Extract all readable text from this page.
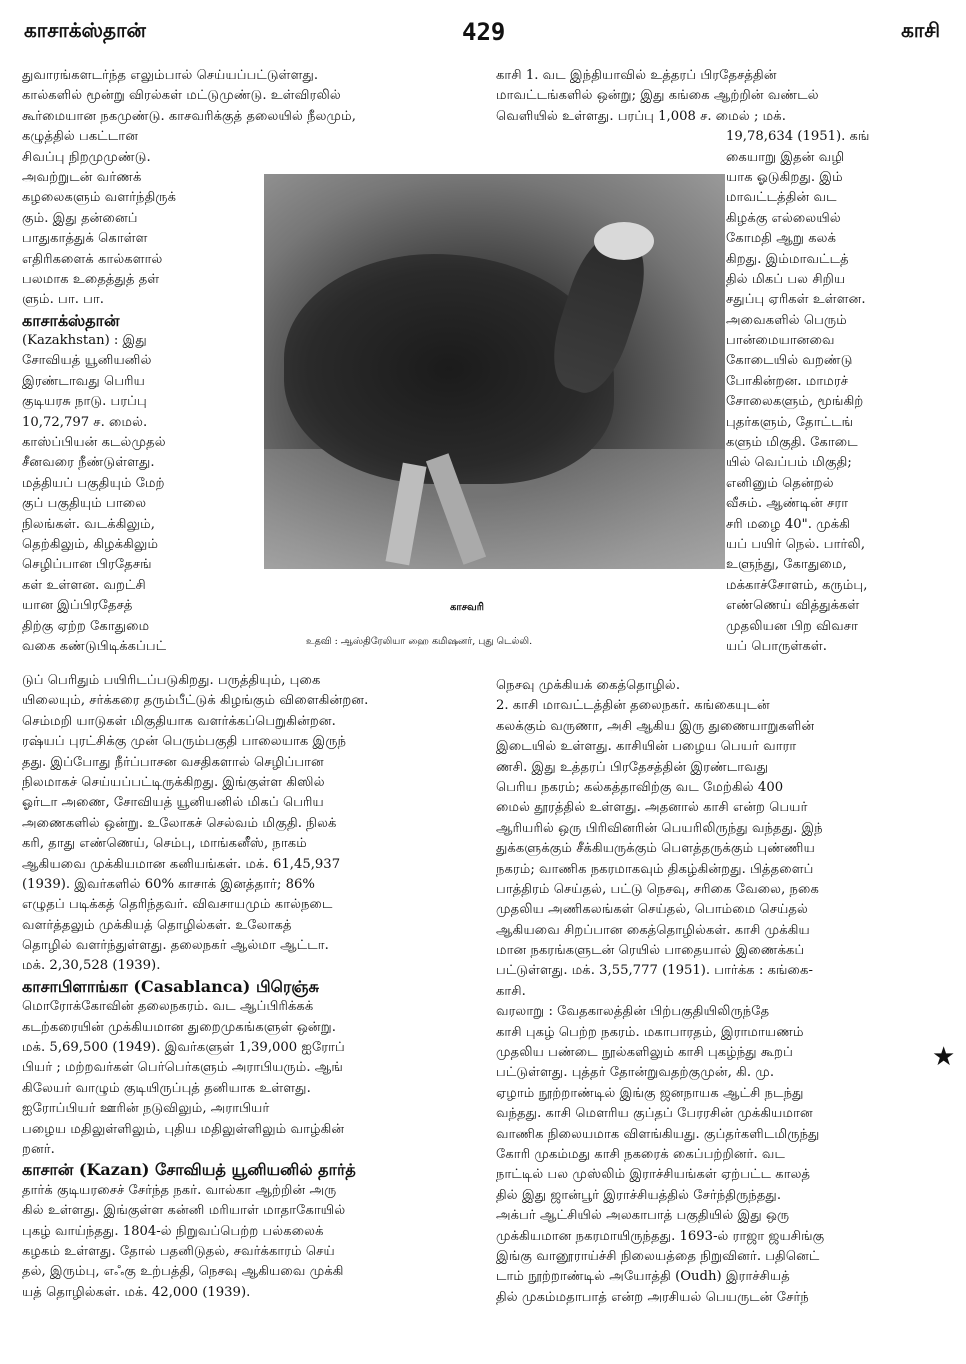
காசாக்ஸ்தான்	429	காசி

துவாரங்களடர்ந்த எலும்பால் செய்யப்பட்டுள்ளது.

கால்களில் மூன்று விரல்கள் மட்டுமுண்டு. உள்விரலில்

கூர்மையான நகமுண்டு. காசவரிக்குத் தலையில் நீலமும்,

கழுத்தில் பகட்டான

சிவப்பு நிறமுமுண்டு.

அவற்றுடன் வர்ணக்

கழலைகளும் வளர்ந்திருக்

கும். இது தன்னைப்

பாதுகாத்துக் கொள்ள

எதிரிகளைக் கால்களால்

பலமாக உதைத்துத் தள்

ளும். பா. பா.

காசாக்ஸ்தான்

(Kazakhstan) : இது

சோவியத் யூனியனில்

இரண்டாவது பெரிய

குடியரசு நாடு. பரப்பு

10,72,797 ச. மைல்.

காஸ்ப்பியன் கடல்முதல்

சீனவரை நீண்டுள்ளது.

மத்தியப் பகுதியும் மேற்

குப் பகுதியும் பாலை

நிலங்கள். வடக்கிலும்,

தெற்கிலும், கிழக்கிலும்

செழிப்பான பிரதேசங்

கள் உள்ளன. வறட்சி

யான இப்பிரதேசத்

திற்கு ஏற்ற கோதுமை

வகை கண்டுபிடிக்கப்பட்

டுப் பெரிதும் பயிரிடப்படுகிறது. பருத்தியும், புகை

யிலையும், சர்க்கரை தரும்பீட்டுக் கிழங்கும் விளைகின்றன.

செம்மறி யாடுகள் மிகுதியாக வளர்க்கப்பெறுகின்றன.

ரஷ்யப் புரட்சிக்கு முன் பெரும்பகுதி பாலையாக இருந்

தது. இப்போது நீர்ப்பாசன வசதிகளால் செழிப்பான

நிலமாகச் செய்யப்பட்டிருக்கிறது. இங்குள்ள கிஸில்

ஓர்டா அணை, சோவியத் யூனியனில் மிகப் பெரிய

அணைகளில் ஒன்று. உலோகச் செல்வம் மிகுதி. நிலக்

கரி, தாது எண்ணெய், செம்பு, மாங்கனீஸ், நாகம்

ஆகியவை முக்கியமான கனியங்கள். மக். 61,45,937

(1939). இவர்களில் 60% காசாக் இனத்தார்; 86%

எழுதப் படிக்கத் தெரிந்தவர். விவசாயமும் கால்நடை

வளர்த்தலும் முக்கியத் தொழில்கள். உலோகத்

தொழில் வளர்ந்துள்ளது. தலைநகர் ஆல்மா ஆட்டா.

மக். 2,30,528 (1939).

காசாபிளாங்கா (Casablanca) பிரெஞ்சு

மொரோக்கோவின் தலைநகரம். வட ஆப்பிரிக்கக்

கடற்கரையின் முக்கியமான துறைமுகங்களுள் ஒன்று.

மக். 5,69,500 (1949). இவர்களுள் 1,39,000 ஐரோப்

பியர் ; மற்றவர்கள் பெர்பெர்களும் அராபியரும். ஆங்

கிலேயர் வாழும் குடியிருப்புத் தனியாக உள்ளது.

ஐரோப்பியர் ஊரின் நடுவிலும், அராபியர்

பழைய மதிலுள்ளிலும், புதிய மதிலுள்ளிலும் வாழ்கின்

றனர்.

காசான் (Kazan) சோவியத் யூனியனில் தார்த்

தார்க் குடியரசைச் சேர்ந்த நகர். வால்கா ஆற்றின் அரு

கில் உள்ளது. இங்குள்ள கன்னி மரியாள் மாதாகோயில்

புகழ் வாய்ந்தது. 1804-ல் நிறுவப்பெற்ற பல்கலைக்

கழகம் உள்ளது. தோல் பதனிடுதல், சவர்க்காரம் செய்

தல், இரும்பு, எஃகு உற்பத்தி, நெசவு ஆகியவை முக்கி

யத் தொழில்கள். மக். 42,000 (1939).

காசி 1. வட இந்தியாவில் உத்தரப் பிரதேசத்தின்

மாவட்டங்களில் ஒன்று; இது கங்கை ஆற்றின் வண்டல்

வெளியில் உள்ளது. பரப்பு 1,008 ச. மைல் ; மக்.

19,78,634 (1951). கங்

கையாறு இதன் வழி

யாக ஓடுகிறது. இம்

மாவட்டத்தின் வட

கிழக்கு எல்லையில்

கோமதி ஆறு கலக்

கிறது. இம்மாவட்டத்

தில் மிகப் பல சிறிய

சதுப்பு ஏரிகள் உள்ளன.

அவைகளில் பெரும்

பான்மையானவை

கோடையில் வறண்டு

போகின்றன. மாமரச்

சோலைகளும், மூங்கிற்

புதர்களும், தோட்டங்

களும் மிகுதி. கோடை

யில் வெப்பம் மிகுதி;

எனினும் தென்றல்

வீசும். ஆண்டின் சரா

சரி மழை 40". முக்கி

யப் பயிர் நெல். பார்லி,

உளுந்து, கோதுமை,

மக்காச்சோளம், கரும்பு,

எண்ணெய் வித்துக்கள்

முதலியன பிற விவசா

யப் பொருள்கள்.

நெசவு முக்கியக் கைத்தொழில்.

2. காசி மாவட்டத்தின் தலைநகர். கங்கையுடன்

கலக்கும் வருணா, அசி ஆகிய இரு துணையாறுகளின்

இடையில் உள்ளது. காசியின் பழைய பெயர் வாரா

ணசி. இது உத்தரப் பிரதேசத்தின் இரண்டாவது

பெரிய நகரம்; கல்கத்தாவிற்கு வட மேற்கில் 400

மைல் தூரத்தில் உள்ளது. அதனால் காசி என்ற பெயர்

ஆரியரில் ஒரு பிரிவினரின் பெயரிலிருந்து வந்தது. இந்

துக்களுக்கும் சீக்கியருக்கும் பௌத்தருக்கும் புண்ணிய

நகரம்; வாணிக நகரமாகவும் திகழ்கின்றது. பித்தளைப்

பாத்திரம் செய்தல், பட்டு நெசவு, சரிகை வேலை, நகை

முதலிய அணிகலங்கள் செய்தல், பொம்மை செய்தல்

ஆகியவை சிறப்பான கைத்தொழில்கள். காசி முக்கிய

மான நகரங்களுடன் ரெயில் பாதையால் இணைக்கப்

பட்டுள்ளது. மக். 3,55,777 (1951). பார்க்க : கங்கை-

காசி.

வரலாறு : வேதகாலத்தின் பிற்பகுதியிலிருந்தே

காசி புகழ் பெற்ற நகரம். மகாபாரதம், இராமாயணம்

முதலிய பண்டை நூல்களிலும் காசி புகழ்ந்து கூறப்

பட்டுள்ளது. புத்தர் தோன்றுவதற்குமுன், கி. மு.

ஏழாம் நூற்றாண்டில் இங்கு ஜனநாயக ஆட்சி நடந்து

வந்தது. காசி மௌரிய குப்தப் பேரரசின் முக்கியமான

வாணிக நிலையமாக விளங்கியது. குப்தர்களிடமிருந்து

கோரி முகம்மது காசி நகரைக் கைப்பற்றினர். வட

நாட்டில் பல முஸ்லிம் இராச்சியங்கள் ஏற்பட்ட காலத்

தில் இது ஜான்பூர் இராச்சியத்தில் சேர்ந்திருந்தது.

அக்பர் ஆட்சியில் அலகாபாத் பகுதியில் இது ஒரு

முக்கியமான நகரமாயிருந்தது. 1693-ல் ராஜா ஜயசிங்கு

இங்கு வானூராய்ச்சி நிலையத்தை நிறுவினர். பதினெட்

டாம் நூற்றாண்டில் அயோத்தி (Oudh) இராச்சியத்

தில் முகம்மதாபாத் என்ற அரசியல் பெயருடன் சேர்ந்

காசவரி
உதவி : ஆஸ்திரேலியா ஹை கமிஷனர், புது டெல்லி.
★
